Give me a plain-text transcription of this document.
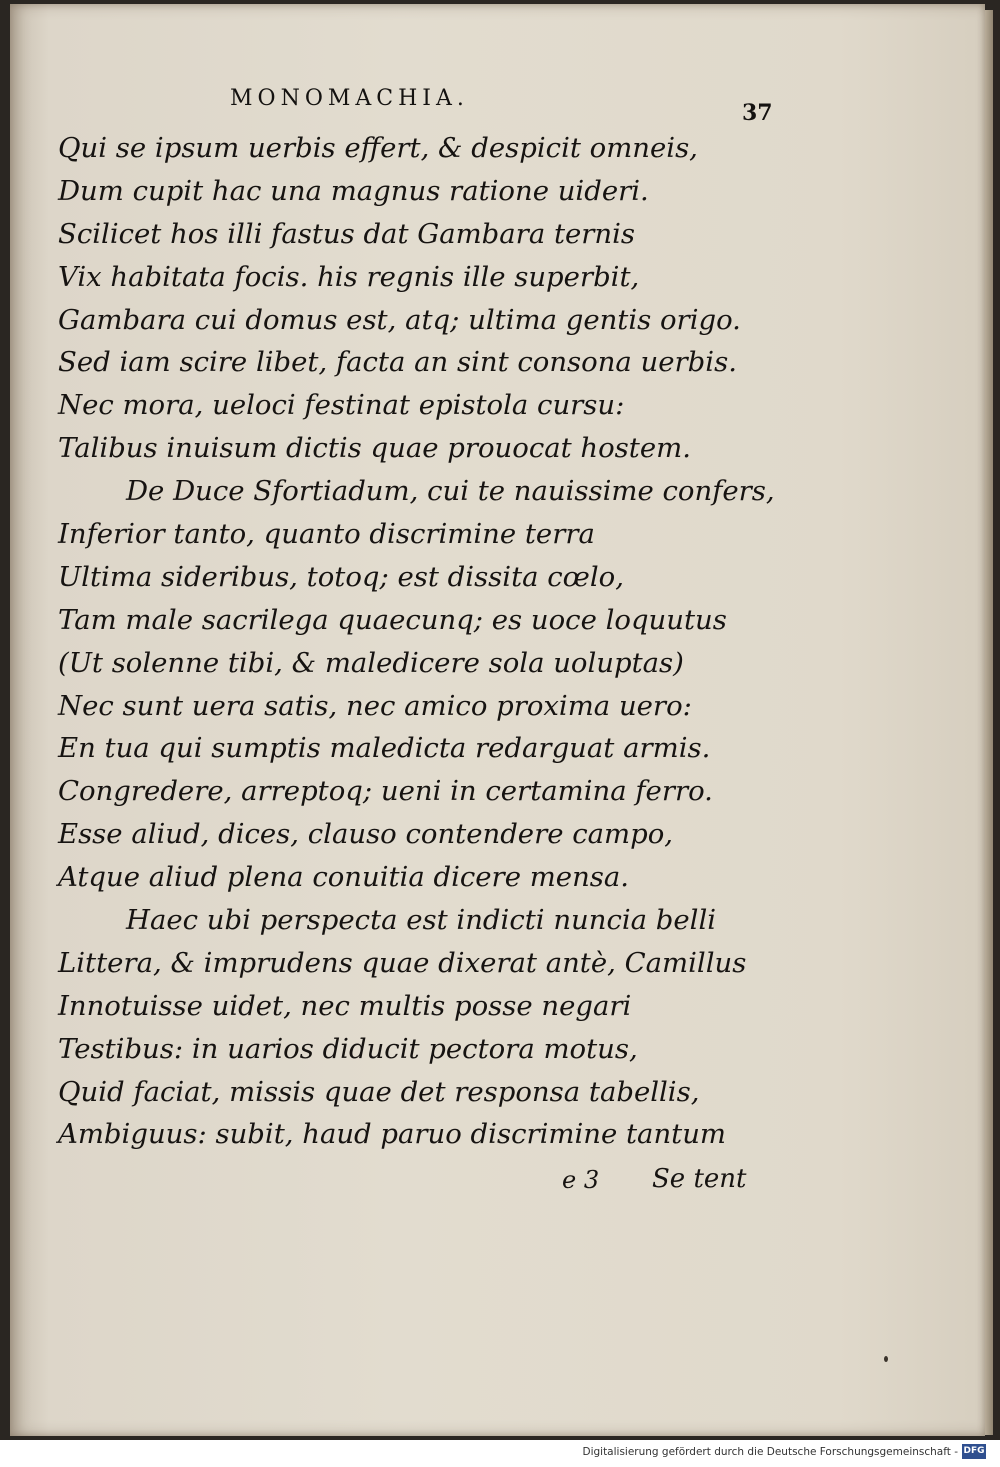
MONOMACHIA.
37
Qui se ipsum uerbis effert, & despicit omneis,
Dum cupit hac una magnus ratione uideri.
Scilicet hos illi fastus dat Gambara ternis
Vix habitata focis. his regnis ille superbit,
Gambara cui domus est, atq; ultima gentis origo.
Sed iam scire libet, facta an sint consona uerbis.
Nec mora, ueloci festinat epistola cursu:
Talibus inuisum dictis quae prouocat hostem.
De Duce Sfortiadum, cui te nauissime confers,
Inferior tanto, quanto discrimine terra
Ultima sideribus, totoq; est dissita cœlo,
Tam male sacrilega quaecunq; es uoce loquutus
(Ut solenne tibi, & maledicere sola uoluptas)
Nec sunt uera satis, nec amico proxima uero:
En tua qui sumptis maledicta redarguat armis.
Congredere, arreptoq; ueni in certamina ferro.
Esse aliud, dices, clauso contendere campo,
Atque aliud plena conuitia dicere mensa.
Haec ubi perspecta est indicti nuncia belli
Littera, & imprudens quae dixerat antè, Camillus
Innotuisse uidet, nec multis posse negari
Testibus: in uarios diducit pectora motus,
Quid faciat, missis quae det responsa tabellis,
Ambiguus: subit, haud paruo discrimine tantum
e 3 Se tent
Digitalisierung gefördert durch die Deutsche Forschungsgemeinschaft - DFG
